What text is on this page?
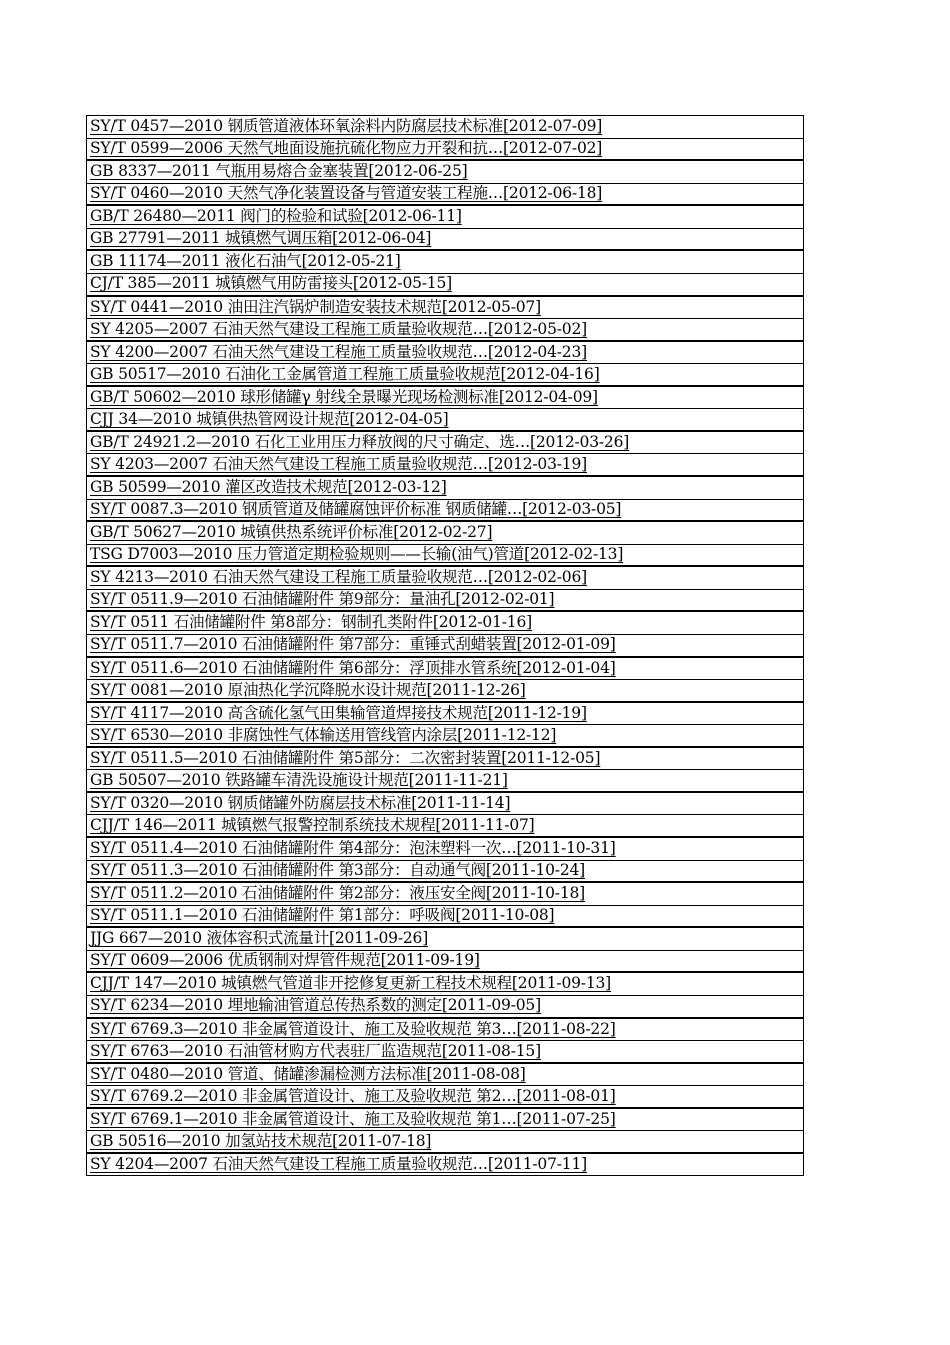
SY/T 0457—2010 钢质管道液体环氧涂料内防腐层技术标准[2012-07-09]
SY/T 0599—2006 天然气地面设施抗硫化物应力开裂和抗…[2012-07-02]
GB 8337—2011 气瓶用易熔合金塞装置[2012-06-25]
SY/T 0460—2010 天然气净化装置设备与管道安装工程施…[2012-06-18]
GB/T 26480—2011 阀门的检验和试验[2012-06-11]
GB 27791—2011 城镇燃气调压箱[2012-06-04]
GB 11174—2011 液化石油气[2012-05-21]
CJ/T 385—2011 城镇燃气用防雷接头[2012-05-15]
SY/T 0441—2010 油田注汽锅炉制造安装技术规范[2012-05-07]
SY 4205—2007 石油天然气建设工程施工质量验收规范…[2012-05-02]
SY 4200—2007 石油天然气建设工程施工质量验收规范…[2012-04-23]
GB 50517—2010 石油化工金属管道工程施工质量验收规范[2012-04-16]
GB/T 50602—2010 球形储罐γ 射线全景曝光现场检测标准[2012-04-09]
CJJ 34—2010 城镇供热管网设计规范[2012-04-05]
GB/T 24921.2—2010 石化工业用压力释放阀的尺寸确定、选…[2012-03-26]
SY 4203—2007 石油天然气建设工程施工质量验收规范…[2012-03-19]
GB 50599—2010 灌区改造技术规范[2012-03-12]
SY/T 0087.3—2010 钢质管道及储罐腐蚀评价标准 钢质储罐…[2012-03-05]
GB/T 50627—2010 城镇供热系统评价标准[2012-02-27]
TSG D7003—2010 压力管道定期检验规则——长输(油气)管道[2012-02-13]
SY 4213—2010 石油天然气建设工程施工质量验收规范…[2012-02-06]
SY/T 0511.9—2010 石油储罐附件 第9部分：量油孔[2012-02-01]
SY/T 0511 石油储罐附件 第8部分：钢制孔类附件[2012-01-16]
SY/T 0511.7—2010 石油储罐附件 第7部分：重锤式刮蜡装置[2012-01-09]
SY/T 0511.6—2010 石油储罐附件 第6部分：浮顶排水管系统[2012-01-04]
SY/T 0081—2010 原油热化学沉降脱水设计规范[2011-12-26]
SY/T 4117—2010 高含硫化氢气田集输管道焊接技术规范[2011-12-19]
SY/T 6530—2010 非腐蚀性气体输送用管线管内涂层[2011-12-12]
SY/T 0511.5—2010 石油储罐附件 第5部分：二次密封装置[2011-12-05]
GB 50507—2010 铁路罐车清洗设施设计规范[2011-11-21]
SY/T 0320—2010 钢质储罐外防腐层技术标准[2011-11-14]
CJJ/T 146—2011 城镇燃气报警控制系统技术规程[2011-11-07]
SY/T 0511.4—2010 石油储罐附件 第4部分：泡沫塑料一次…[2011-10-31]
SY/T 0511.3—2010 石油储罐附件 第3部分：自动通气阀[2011-10-24]
SY/T 0511.2—2010 石油储罐附件 第2部分：液压安全阀[2011-10-18]
SY/T 0511.1—2010 石油储罐附件 第1部分：呼吸阀[2011-10-08]
JJG 667—2010 液体容积式流量计[2011-09-26]
SY/T 0609—2006 优质钢制对焊管件规范[2011-09-19]
CJJ/T 147—2010 城镇燃气管道非开挖修复更新工程技术规程[2011-09-13]
SY/T 6234—2010 埋地输油管道总传热系数的测定[2011-09-05]
SY/T 6769.3—2010 非金属管道设计、施工及验收规范 第3…[2011-08-22]
SY/T 6763—2010 石油管材购方代表驻厂监造规范[2011-08-15]
SY/T 0480—2010 管道、储罐渗漏检测方法标准[2011-08-08]
SY/T 6769.2—2010 非金属管道设计、施工及验收规范 第2…[2011-08-01]
SY/T 6769.1—2010 非金属管道设计、施工及验收规范 第1…[2011-07-25]
GB 50516—2010 加氢站技术规范[2011-07-18]
SY 4204—2007 石油天然气建设工程施工质量验收规范…[2011-07-11]
